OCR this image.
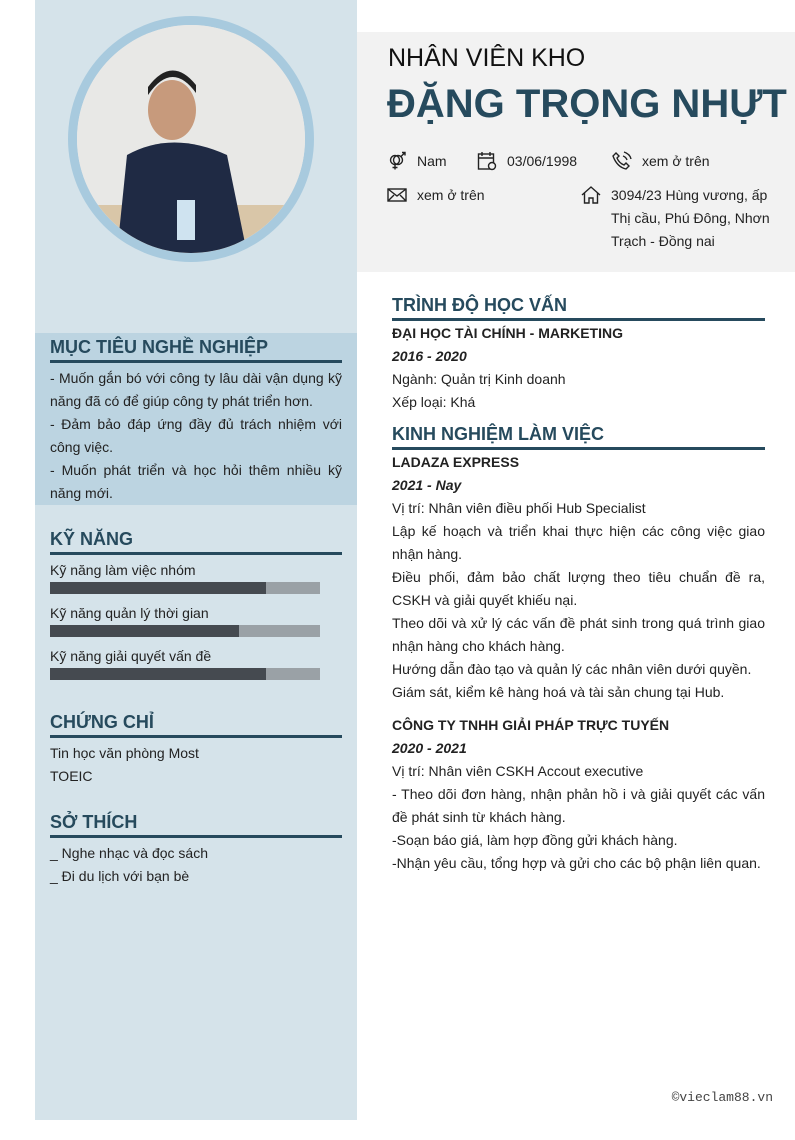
NHÂN VIÊN KHO
ĐẶNG TRỌNG NHỰT
Nam	03/06/1998	xem ở trên
xem ở trên	3094/23 Hùng vương, ấp Thị cầu, Phú Đông, Nhơn Trạch - Đồng nai
MỤC TIÊU NGHỀ NGHIỆP
- Muốn gắn bó với công ty lâu dài vận dụng kỹ năng đã có để giúp công ty phát triển hơn.
- Đảm bảo đáp ứng đầy đủ trách nhiệm với công việc.
- Muốn phát triển và học hỏi thêm nhiều kỹ năng mới.
KỸ NĂNG
Kỹ năng làm việc nhóm
Kỹ năng quản lý thời gian
Kỹ năng giải quyết vấn đề
CHỨNG CHỈ
Tin học văn phòng Most
TOEIC
SỞ THÍCH
_ Nghe nhạc và đọc sách
_ Đi du lịch với bạn bè
TRÌNH ĐỘ HỌC VẤN
ĐẠI HỌC TÀI CHÍNH - MARKETING
2016 - 2020
Ngành: Quản trị Kinh doanh
Xếp loại: Khá
KINH NGHIỆM LÀM VIỆC
LADAZA EXPRESS
2021 - Nay
Vị trí: Nhân viên điều phối Hub Specialist
Lập kế hoạch và triển khai thực hiện các công việc giao nhận hàng.
Điều phối, đảm bảo chất lượng theo tiêu chuẩn đề ra, CSKH và giải quyết khiếu nại.
Theo dõi và xử lý các vấn đề phát sinh trong quá trình giao nhận hàng cho khách hàng.
Hướng dẫn đào tạo và quản lý các nhân viên dưới quyền.
Giám sát, kiểm kê hàng hoá và tài sản chung tại Hub.
CÔNG TY TNHH GIẢI PHÁP TRỰC TUYẾN
2020 - 2021
Vị trí: Nhân viên CSKH Accout executive
- Theo dõi đơn hàng, nhận phản hồ i và giải quyết các vấn đề phát sinh từ khách hàng.
-Soạn báo giá, làm hợp đồng gửi khách hàng.
-Nhận yêu cầu, tổng hợp và gửi cho các bộ phận liên quan.
©vieclam88.vn
